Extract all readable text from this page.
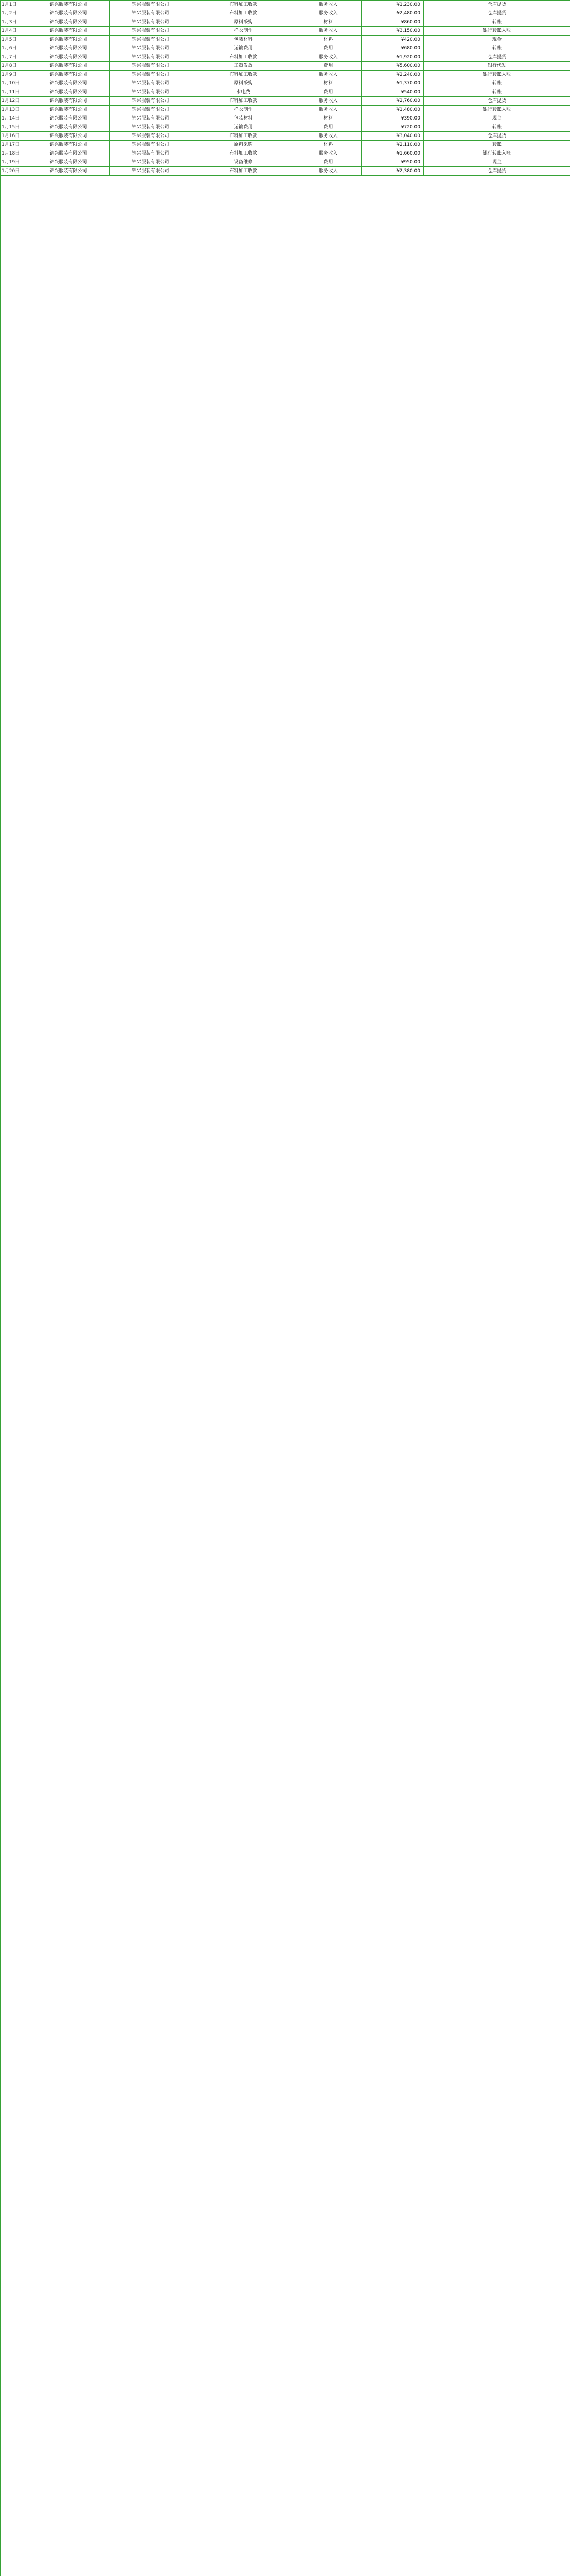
1月1日	锦兴服装有限公司	锦兴服装有限公司	布料加工收款	服务收入	¥1,230.00	仓库提货
1月2日	锦兴服装有限公司	锦兴服装有限公司	布料加工收款	服务收入	¥2,480.00	仓库提货
1月3日	锦兴服装有限公司	锦兴服装有限公司	原料采购	材料	¥860.00	转账
1月4日	锦兴服装有限公司	锦兴服装有限公司	样衣制作	服务收入	¥3,150.00	银行转账入账
1月5日	锦兴服装有限公司	锦兴服装有限公司	包装材料	材料	¥420.00	现金
1月6日	锦兴服装有限公司	锦兴服装有限公司	运输费用	费用	¥680.00	转账
1月7日	锦兴服装有限公司	锦兴服装有限公司	布料加工收款	服务收入	¥1,920.00	仓库提货
1月8日	锦兴服装有限公司	锦兴服装有限公司	工资发放	费用	¥5,600.00	银行代发
1月9日	锦兴服装有限公司	锦兴服装有限公司	布料加工收款	服务收入	¥2,240.00	银行转账入账
1月10日	锦兴服装有限公司	锦兴服装有限公司	原料采购	材料	¥1,370.00	转账
1月11日	锦兴服装有限公司	锦兴服装有限公司	水电费	费用	¥540.00	转账
1月12日	锦兴服装有限公司	锦兴服装有限公司	布料加工收款	服务收入	¥2,760.00	仓库提货
1月13日	锦兴服装有限公司	锦兴服装有限公司	样衣制作	服务收入	¥1,480.00	银行转账入账
1月14日	锦兴服装有限公司	锦兴服装有限公司	包装材料	材料	¥390.00	现金
1月15日	锦兴服装有限公司	锦兴服装有限公司	运输费用	费用	¥720.00	转账
1月16日	锦兴服装有限公司	锦兴服装有限公司	布料加工收款	服务收入	¥3,040.00	仓库提货
1月17日	锦兴服装有限公司	锦兴服装有限公司	原料采购	材料	¥2,110.00	转账
1月18日	锦兴服装有限公司	锦兴服装有限公司	布料加工收款	服务收入	¥1,660.00	银行转账入账
1月19日	锦兴服装有限公司	锦兴服装有限公司	设备维修	费用	¥950.00	现金
1月20日	锦兴服装有限公司	锦兴服装有限公司	布料加工收款	服务收入	¥2,380.00	仓库提货
